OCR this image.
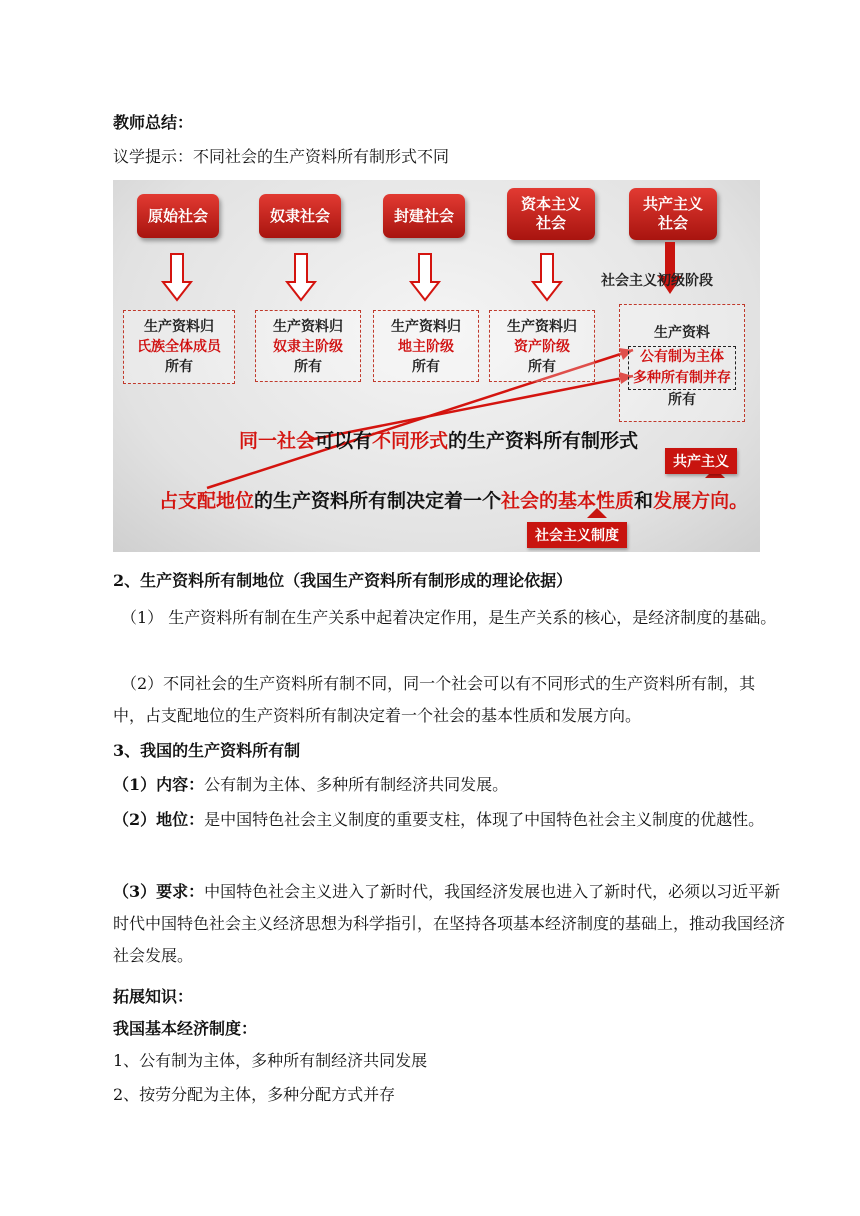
教师总结：
议学提示：不同社会的生产资料所有制形式不同
原始社会	奴隶社会	封建社会
资本主义
社会
共产主义
社会
社会主义初级阶段
生产资料归
氏族全体成员
所有
生产资料归
奴隶主阶级
所有
生产资料归
地主阶级
所有
生产资料归
资产阶级
所有
生产资料
公有制为主体
多种所有制并存
所有
同一社会可以有不同形式的生产资料所有制形式
共产主义
占支配地位的生产资料所有制决定着一个社会的基本性质和发展方向。
社会主义制度
2、生产资料所有制地位（我国生产资料所有制形成的理论依据）
（1） 生产资料所有制在生产关系中起着决定作用，是生产关系的核心，是经济制度的基础。
（2）不同社会的生产资料所有制不同，同一个社会可以有不同形式的生产资料所有制，其中，占支配地位的生产资料所有制决定着一个社会的基本性质和发展方向。
3、我国的生产资料所有制
（1）内容：公有制为主体、多种所有制经济共同发展。
（2）地位：是中国特色社会主义制度的重要支柱，体现了中国特色社会主义制度的优越性。
（3）要求：中国特色社会主义进入了新时代，我国经济发展也进入了新时代，必须以习近平新时代中国特色社会主义经济思想为科学指引，在坚持各项基本经济制度的基础上，推动我国经济社会发展。
拓展知识：
我国基本经济制度：
1、公有制为主体，多种所有制经济共同发展
2、按劳分配为主体，多种分配方式并存
